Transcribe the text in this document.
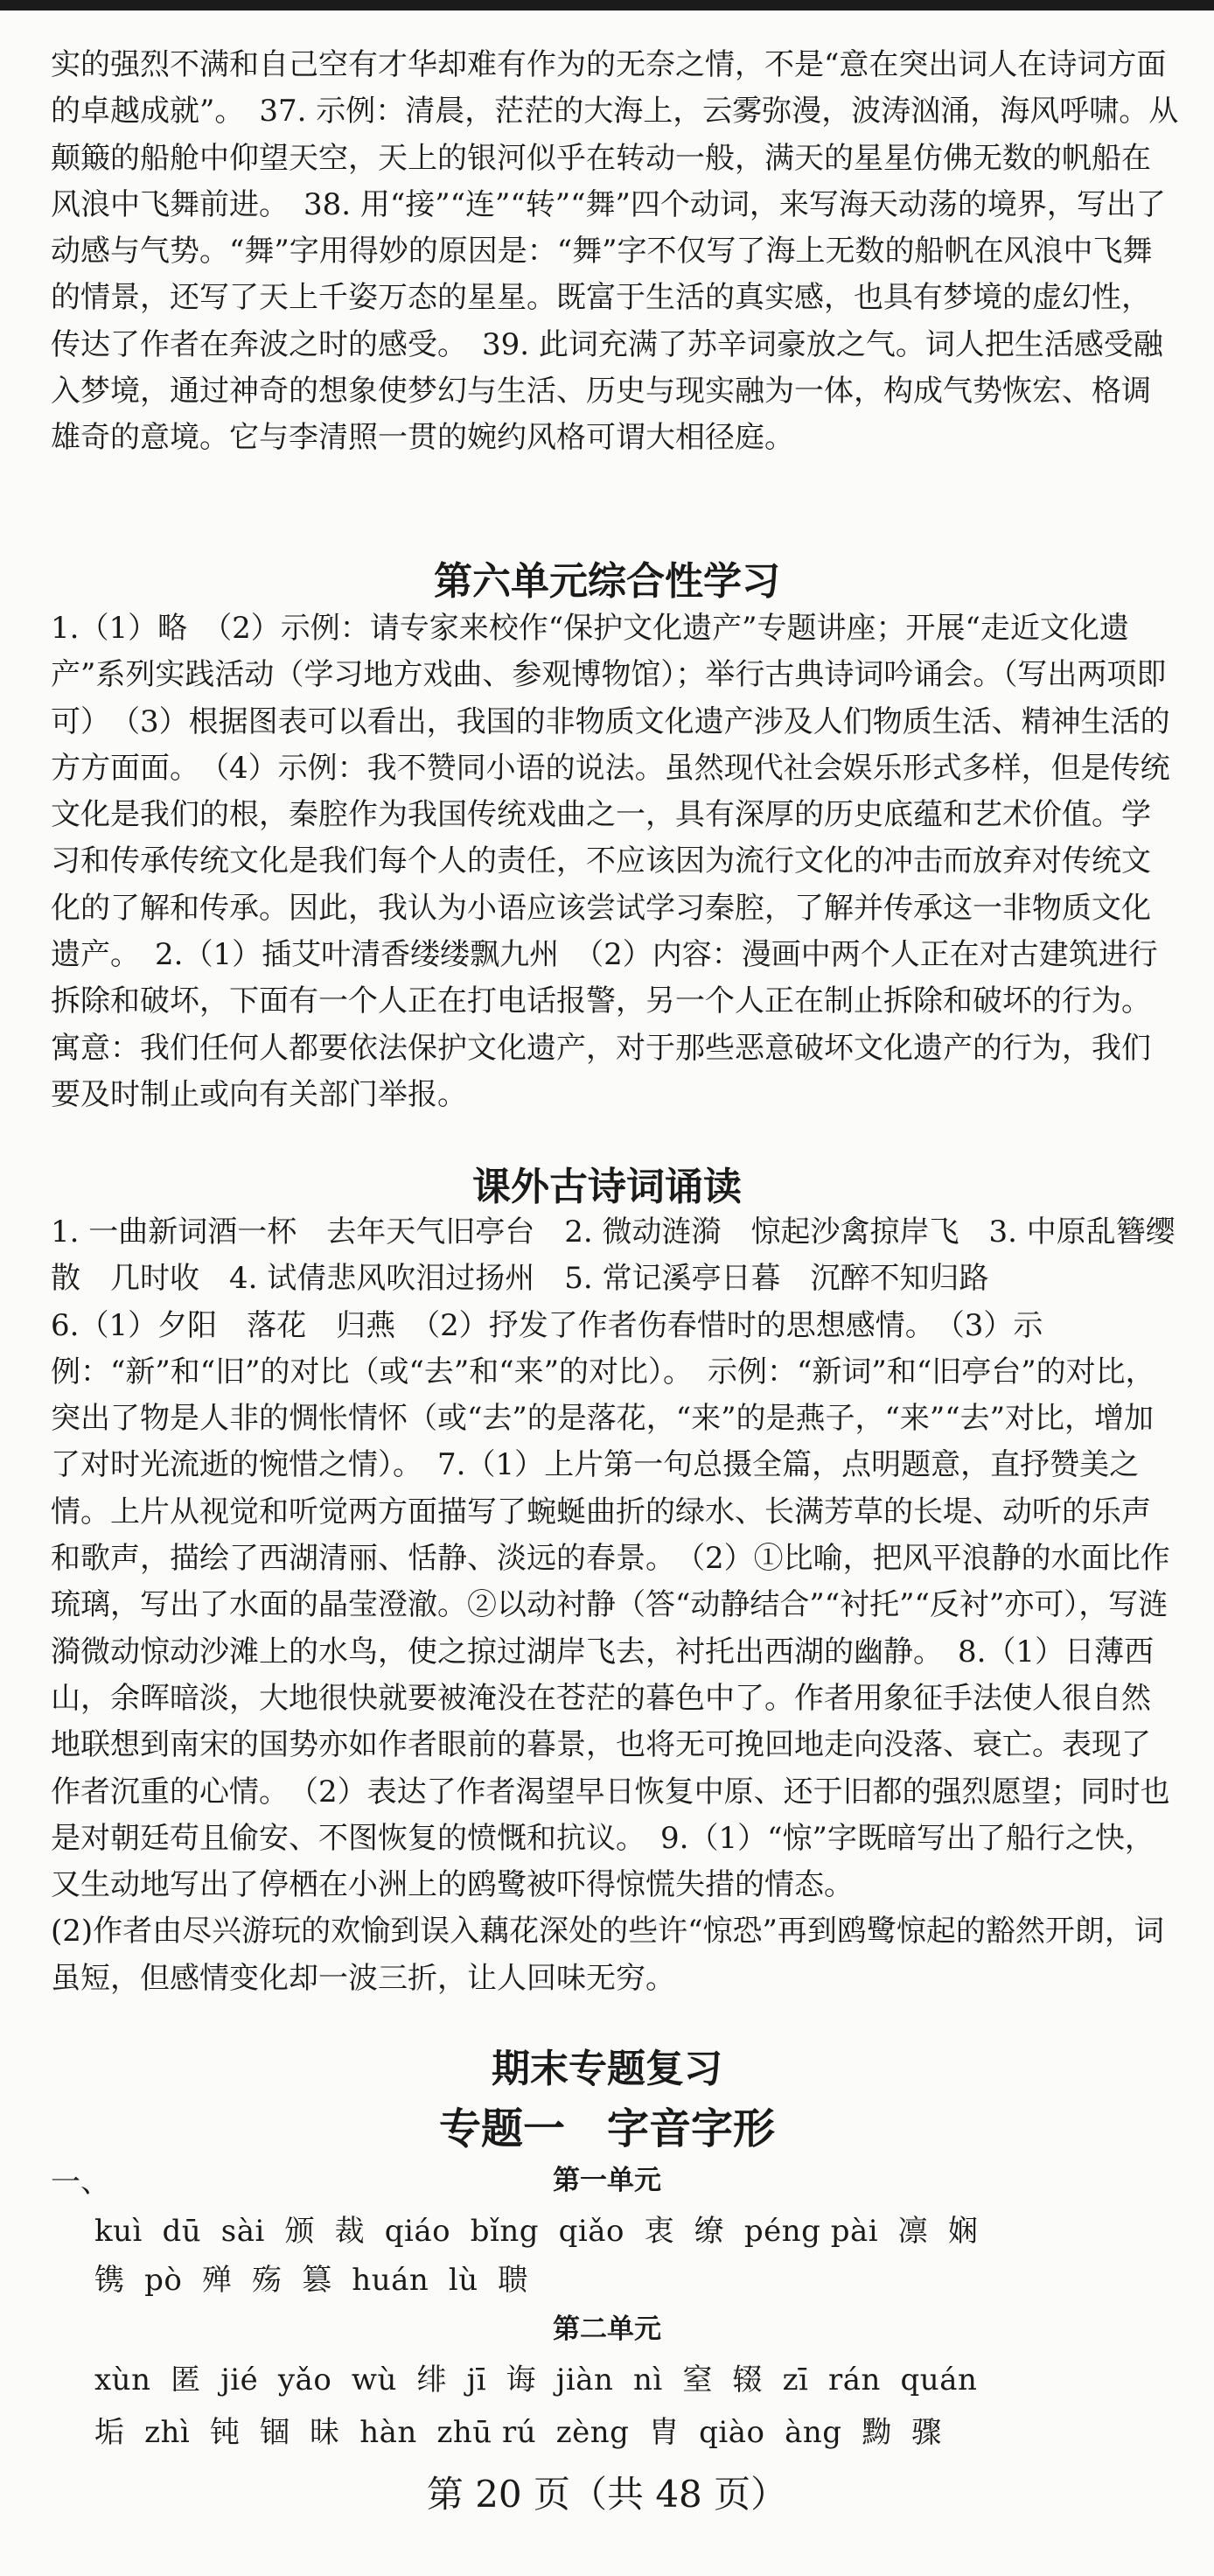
实的强烈不满和自己空有才华却难有作为的无奈之情，不是“意在突出词人在诗词方面的卓越成就”。　37. 示例：清晨，茫茫的大海上，云雾弥漫，波涛汹涌，海风呼啸。从颠簸的船舱中仰望天空，天上的银河似乎在转动一般，满天的星星仿佛无数的帆船在风浪中飞舞前进。　38. 用“接”“连”“转”“舞”四个动词，来写海天动荡的境界，写出了动感与气势。“舞”字用得妙的原因是：“舞”字不仅写了海上无数的船帆在风浪中飞舞的情景，还写了天上千姿万态的星星。既富于生活的真实感，也具有梦境的虚幻性，传达了作者在奔波之时的感受。　39. 此词充满了苏辛词豪放之气。词人把生活感受融入梦境，通过神奇的想象使梦幻与生活、历史与现实融为一体，构成气势恢宏、格调雄奇的意境。它与李清照一贯的婉约风格可谓大相径庭。
第六单元综合性学习
1.（1）略　（2）示例：请专家来校作“保护文化遗产”专题讲座；开展“走近文化遗产”系列实践活动（学习地方戏曲、参观博物馆）；举行古典诗词吟诵会。（写出两项即可）　（3）根据图表可以看出，我国的非物质文化遗产涉及人们物质生活、精神生活的方方面面。　（4）示例：我不赞同小语的说法。虽然现代社会娱乐形式多样，但是传统文化是我们的根，秦腔作为我国传统戏曲之一，具有深厚的历史底蕴和艺术价值。学习和传承传统文化是我们每个人的责任，不应该因为流行文化的冲击而放弃对传统文化的了解和传承。因此，我认为小语应该尝试学习秦腔，了解并传承这一非物质文化遗产。　2.（1）插艾叶清香缕缕飘九州　（2）内容：漫画中两个人正在对古建筑进行拆除和破坏，下面有一个人正在打电话报警，另一个人正在制止拆除和破坏的行为。寓意：我们任何人都要依法保护文化遗产，对于那些恶意破坏文化遗产的行为，我们要及时制止或向有关部门举报。
课外古诗词诵读
1. 一曲新词酒一杯　去年天气旧亭台　2. 微动涟漪　惊起沙禽掠岸飞　3. 中原乱簪缨散　几时收　4. 试倩悲风吹泪过扬州　5. 常记溪亭日暮　沉醉不知归路
6.（1）夕阳　落花　归燕　（2）抒发了作者伤春惜时的思想感情。　（3）示例：“新”和“旧”的对比（或“去”和“来”的对比）。　示例：“新词”和“旧亭台”的对比，突出了物是人非的惆怅情怀（或“去”的是落花，“来”的是燕子，“来”“去”对比，增加了对时光流逝的惋惜之情）。　7.（1）上片第一句总摄全篇，点明题意，直抒赞美之情。上片从视觉和听觉两方面描写了蜿蜒曲折的绿水、长满芳草的长堤、动听的乐声和歌声，描绘了西湖清丽、恬静、淡远的春景。　（2）①比喻，把风平浪静的水面比作琉璃，写出了水面的晶莹澄澈。②以动衬静（答“动静结合”“衬托”“反衬”亦可），写涟漪微动惊动沙滩上的水鸟，使之掠过湖岸飞去，衬托出西湖的幽静。　8.（1）日薄西山，余晖暗淡，大地很快就要被淹没在苍茫的暮色中了。作者用象征手法使人很自然地联想到南宋的国势亦如作者眼前的暮景，也将无可挽回地走向没落、衰亡。表现了作者沉重的心情。　（2）表达了作者渴望早日恢复中原、还于旧都的强烈愿望；同时也是对朝廷苟且偷安、不图恢复的愤慨和抗议。　9.（1）“惊”字既暗写出了船行之快，又生动地写出了停栖在小洲上的鸥鹭被吓得惊慌失措的情态。
(2)作者由尽兴游玩的欢愉到误入藕花深处的些许“惊恐”再到鸥鹭惊起的豁然开朗，词虽短，但感情变化却一波三折，让人回味无穷。
期末专题复习
专题一　字音字形
一、	第一单元
kuì  dū  sài  颁  裁  qiáo  bǐng  qiǎo  衷  缭  péng pài  凛  娴
镌  pò  殚  殇  篡  huán  lù  聩
第二单元
xùn  匿  jié  yǎo  wù  绯  jī  诲  jiàn  nì  窒  辍  zī  rán  quán
垢  zhì  钝  锢  昧  hàn  zhū rú  zèng  胄  qiào  àng  黝  骤
第 20 页（共 48 页）
